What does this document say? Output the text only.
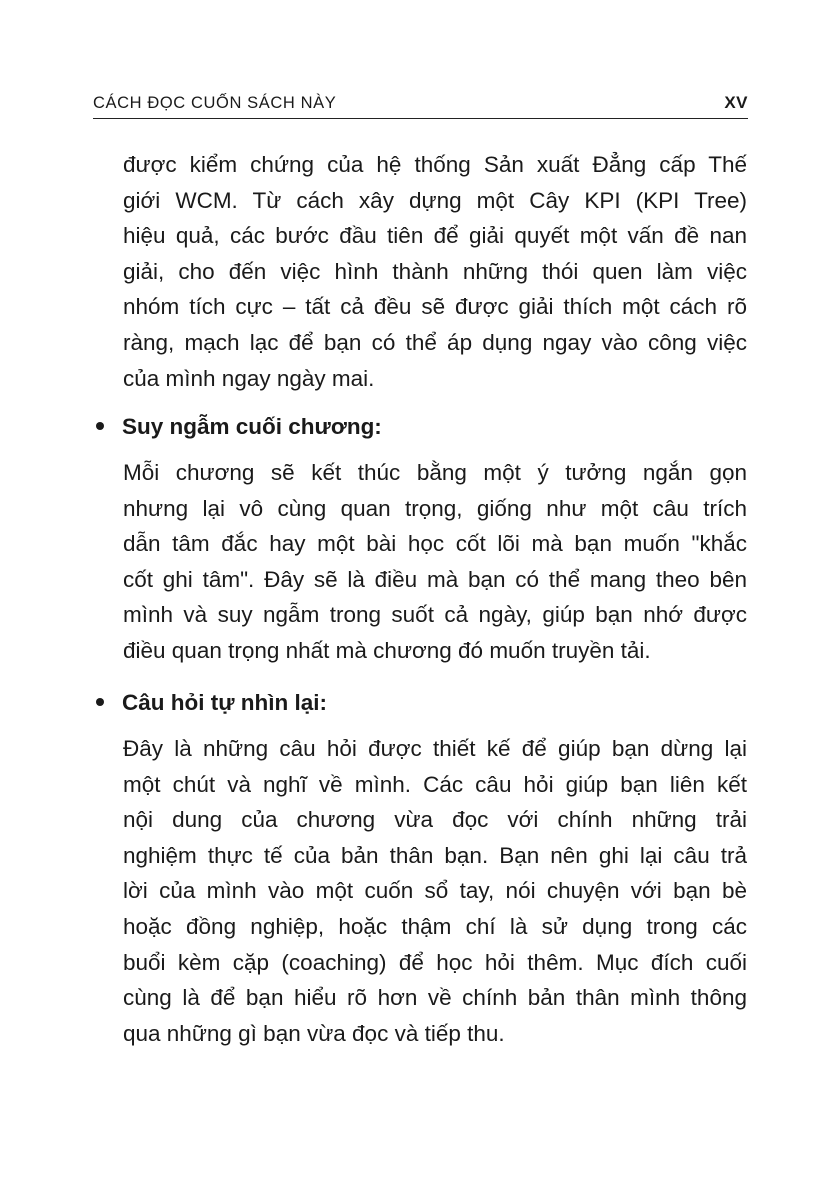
CÁCH ĐỌC CUỐN SÁCH NÀY	XV

được kiểm chứng của hệ thống Sản xuất Đẳng cấp Thế
giới WCM. Từ cách xây dựng một Cây KPI (KPI Tree)
hiệu quả, các bước đầu tiên để giải quyết một vấn đề nan
giải, cho đến việc hình thành những thói quen làm việc
nhóm tích cực – tất cả đều sẽ được giải thích một cách rõ
ràng, mạch lạc để bạn có thể áp dụng ngay vào công việc
của mình ngay ngày mai.

Suy ngẫm cuối chương:

Mỗi chương sẽ kết thúc bằng một ý tưởng ngắn gọn
nhưng lại vô cùng quan trọng, giống như một câu trích
dẫn tâm đắc hay một bài học cốt lõi mà bạn muốn "khắc
cốt ghi tâm". Đây sẽ là điều mà bạn có thể mang theo bên
mình và suy ngẫm trong suốt cả ngày, giúp bạn nhớ được
điều quan trọng nhất mà chương đó muốn truyền tải.

Câu hỏi tự nhìn lại:

Đây là những câu hỏi được thiết kế để giúp bạn dừng lại
một chút và nghĩ về mình. Các câu hỏi giúp bạn liên kết
nội dung của chương vừa đọc với chính những trải
nghiệm thực tế của bản thân bạn. Bạn nên ghi lại câu trả
lời của mình vào một cuốn sổ tay, nói chuyện với bạn bè
hoặc đồng nghiệp, hoặc thậm chí là sử dụng trong các
buổi kèm cặp (coaching) để học hỏi thêm. Mục đích cuối
cùng là để bạn hiểu rõ hơn về chính bản thân mình thông
qua những gì bạn vừa đọc và tiếp thu.
